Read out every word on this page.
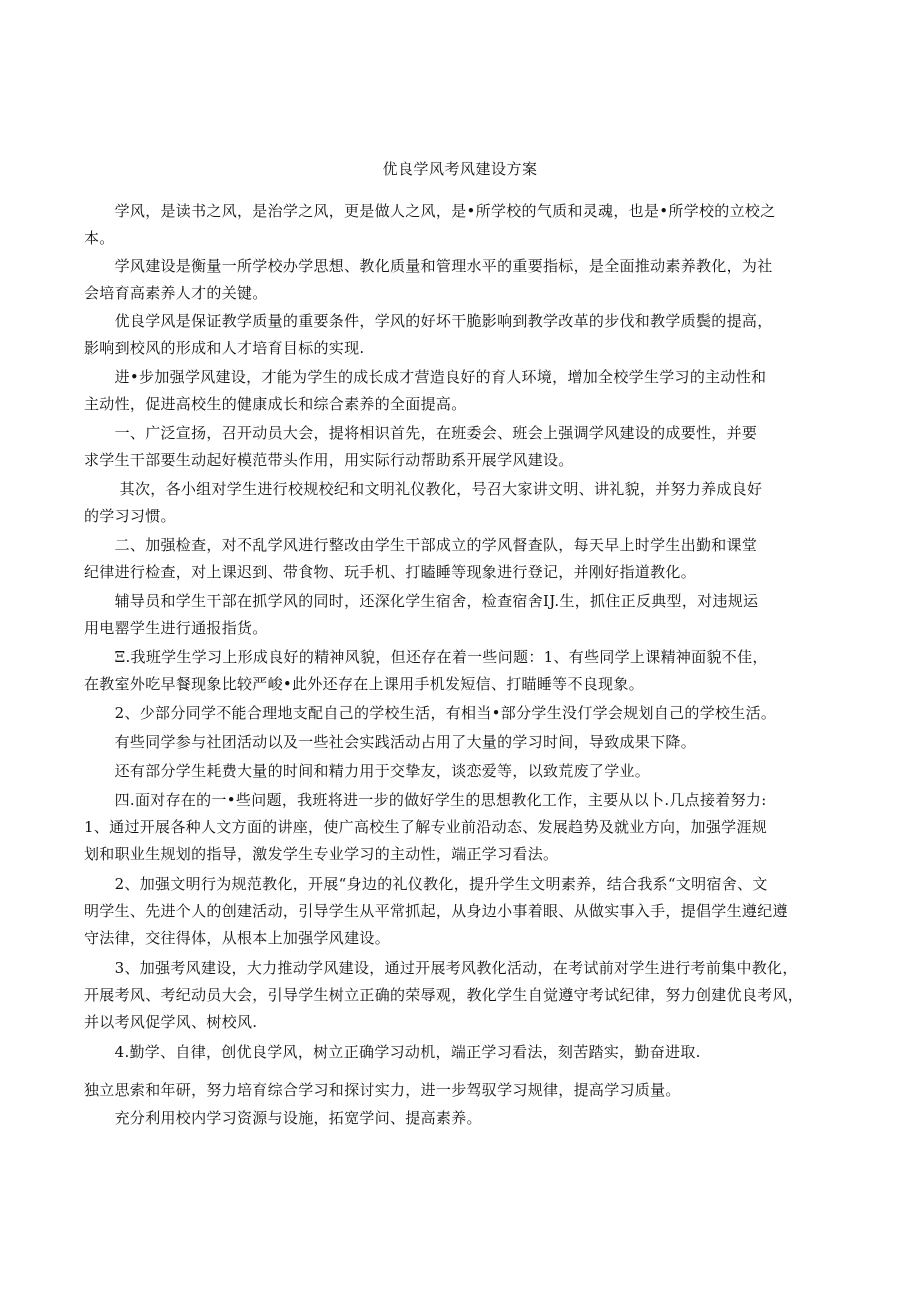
优良学风考风建设方案
　　学风，是读书之风，是治学之风，更是做人之风，是•所学校的气质和灵魂，也是•所学校的立校之
本。
　　学风建设是衡量一所学校办学思想、教化质量和管理水平的重要指标，是全面推动素养教化，为社
会培育高素养人才的关键。
　　优良学风是保证教学质量的重要条件，学风的好坏干脆影响到教学改革的步伐和教学质鬓的提高，
影响到校风的形成和人才培育目标的实现.
　　进•步加强学风建设，才能为学生的成长成才营造良好的育人环境，增加全校学生学习的主动性和
主动性，促进高校生的健康成长和综合素养的全面提高。
　　一、广泛宣扬，召开动员大会，提将相识首先，在班委会、班会上强调学风建设的成要性，并要
求学生干部要生动起好模范带头作用，用实际行动帮助系开展学风建设。
　　 其次，各小组对学生进行校规校纪和文明礼仪教化，号召大家讲文明、讲礼貌，并努力养成良好
的学习习惯。
　　二、加强检查，对不乱学风进行整改由学生干部成立的学风督查队，每天早上时学生出勤和课堂
纪律进行检查，对上课迟到、带食物、玩手机、打瞌睡等现象进行登记，并刚好指道教化。
　　辅导员和学生干部在抓学风的同时，还深化学生宿舍，检查宿舍IJ.生，抓住正反典型，对违规运
用电罂学生进行通报指货。
　　Ξ.我班学生学习上形成良好的精神风貌，但还存在着一些问题：1、有些同学上课精神面貌不佳，
在教室外吃早餐现象比较严峻•此外还存在上课用手机发短信、打瞄睡等不良现象。
　　2、少部分同学不能合理地支配自己的学校生活，有相当•部分学生没仃学会规划自己的学校生活。
　　有些同学参与社团活动以及一些社会实践活动占用了大量的学习时间，导致成果下降。
　　还有部分学生耗费大量的时间和精力用于交挚友，谈恋爱等，以致荒废了学业。
　　四.面对存在的一•些问题，我班将进一步的做好学生的思想教化工作，主要从以卜.几点接着努力:
1、通过开展各种人文方面的讲座，使广高校生了解专业前沿动态、发展趋势及就业方向，加强学涯规
划和职业生规划的指导，激发学生专业学习的主动性，端正学习看法。
　　2、加强文明行为规范教化，开展“身边的礼仪教化，提升学生文明素养，结合我系“文明宿舍、文
明学生、先进个人的创建活动，引导学生从平常抓起，从身边小事着眼、从做实事入手，提倡学生遵纪遵
守法律，交往得体，从根本上加强学风建设。
　　3、加强考风建设，大力推动学风建设，通过开展考风教化活动，在考试前对学生进行考前集中教化，
开展考风、考纪动员大会，引导学生树立正确的荣辱观，教化学生自觉遵守考试纪律，努力创建优良考风，
并以考风促学风、树校风.
　　4.勤学、自律，创优良学风，树立正确学习动机，端正学习看法，刻苦踏实，勤奋进取.
独立思索和年研，努力培育综合学习和探讨实力，进一步驾驭学习规律，提高学习质量。
　　充分利用校内学习资源与设施，拓宽学问、提高素养。
